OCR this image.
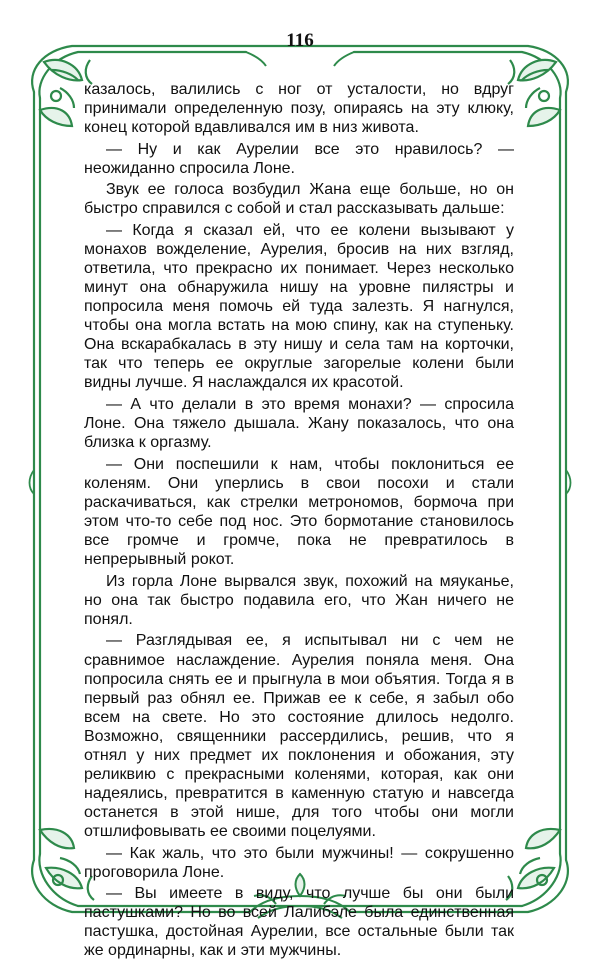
116

казалось, валились с ног от усталости, но вдруг принимали определенную позу, опираясь на эту клюку, конец которой вдавливался им в низ живота.

— Ну и как Аурелии все это нравилось? — неожиданно спросила Лоне.

Звук ее голоса возбудил Жана еще больше, но он быстро справился с собой и стал рассказывать дальше:

— Когда я сказал ей, что ее колени вызывают у монахов вожделение, Аурелия, бросив на них взгляд, ответила, что прекрасно их понимает. Через несколько минут она обнаружила нишу на уровне пилястры и попросила меня помочь ей туда залезть. Я нагнулся, чтобы она могла встать на мою спину, как на ступеньку. Она вскарабкалась в эту нишу и села там на корточки, так что теперь ее округлые загорелые колени были видны лучше. Я наслаждался их красотой.

— А что делали в это время монахи? — спросила Лоне. Она тяжело дышала. Жану показалось, что она близка к оргазму.

— Они поспешили к нам, чтобы поклониться ее коленям. Они уперлись в свои посохи и стали раскачиваться, как стрелки метрономов, бормоча при этом что-то себе под нос. Это бормотание становилось все громче и громче, пока не превратилось в непрерывный рокот.

Из горла Лоне вырвался звук, похожий на мяуканье, но она так быстро подавила его, что Жан ничего не понял.

— Разглядывая ее, я испытывал ни с чем не сравнимое наслаждение. Аурелия поняла меня. Она попросила снять ее и прыгнула в мои объятия. Тогда я в первый раз обнял ее. Прижав ее к себе, я забыл обо всем на свете. Но это состояние длилось недолго. Возможно, священники рассердились, решив, что я отнял у них предмет их поклонения и обожания, эту реликвию с прекрасными коленями, которая, как они надеялись, превратится в каменную статую и навсегда останется в этой нише, для того чтобы они могли отшлифовывать ее своими поцелуями.

— Как жаль, что это были мужчины! — сокрушенно проговорила Лоне.

— Вы имеете в виду, что лучше бы они были пастушками? Но во всей Лалибэле была единственная пастушка, достойная Аурелии, все остальные были так же ординарны, как и эти мужчины.
